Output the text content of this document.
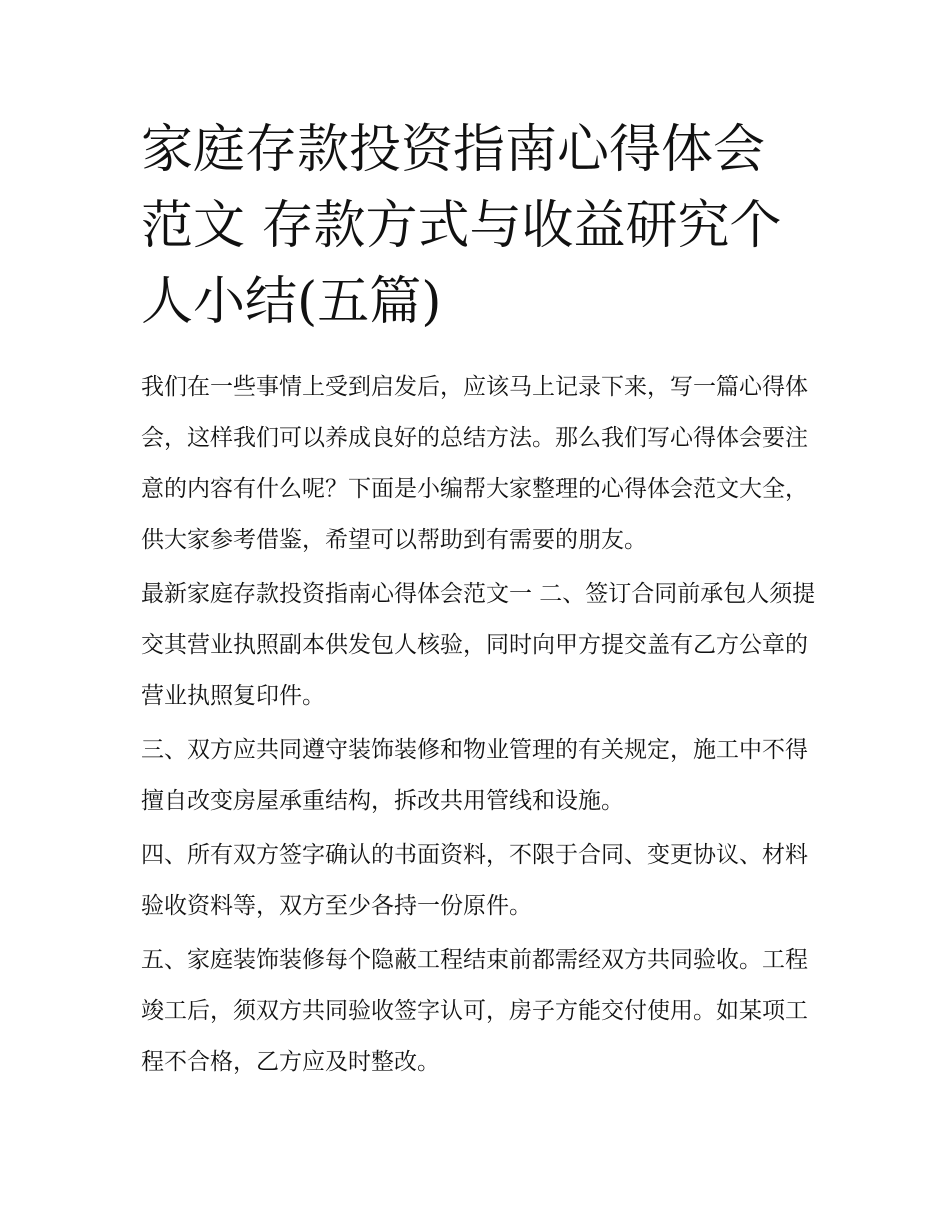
家庭存款投资指南心得体会范文 存款方式与收益研究个人小结(五篇)

我们在一些事情上受到启发后，应该马上记录下来，写一篇心得体会，这样我们可以养成良好的总结方法。那么我们写心得体会要注意的内容有什么呢？下面是小编帮大家整理的心得体会范文大全，供大家参考借鉴，希望可以帮助到有需要的朋友。

最新家庭存款投资指南心得体会范文一 二、签订合同前承包人须提交其营业执照副本供发包人核验，同时向甲方提交盖有乙方公章的营业执照复印件。

三、双方应共同遵守装饰装修和物业管理的有关规定，施工中不得擅自改变房屋承重结构，拆改共用管线和设施。

四、所有双方签字确认的书面资料，不限于合同、变更协议、材料验收资料等，双方至少各持一份原件。

五、家庭装饰装修每个隐蔽工程结束前都需经双方共同验收。工程竣工后，须双方共同验收签字认可，房子方能交付使用。如某项工程不合格，乙方应及时整改。
